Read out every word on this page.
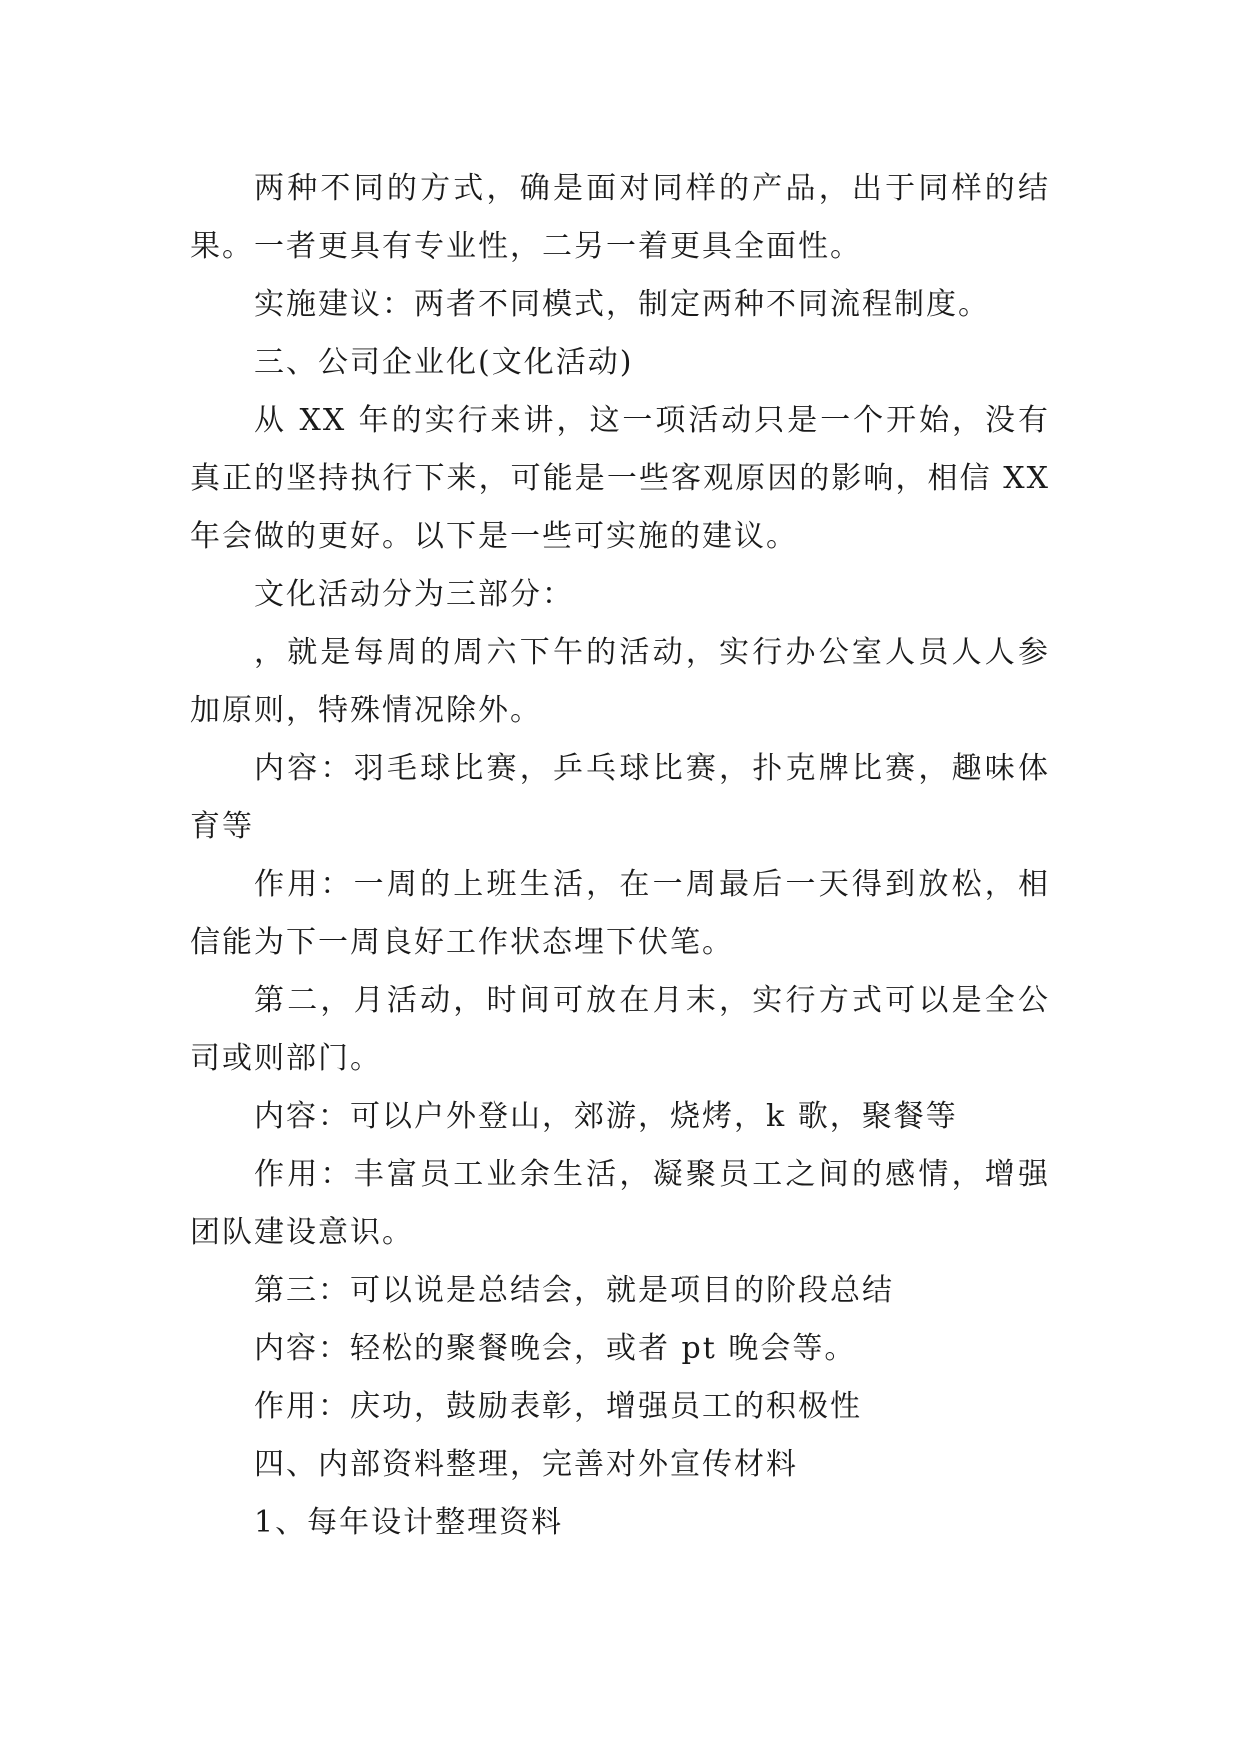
两种不同的方式，确是面对同样的产品，出于同样的结果。一者更具有专业性，二另一着更具全面性。

实施建议：两者不同模式，制定两种不同流程制度。

三、公司企业化(文化活动)

从 XX 年的实行来讲，这一项活动只是一个开始，没有真正的坚持执行下来，可能是一些客观原因的影响，相信 XX 年会做的更好。以下是一些可实施的建议。

文化活动分为三部分：

，就是每周的周六下午的活动，实行办公室人员人人参加原则，特殊情况除外。

内容：羽毛球比赛，乒乓球比赛，扑克牌比赛，趣味体育等

作用：一周的上班生活，在一周最后一天得到放松，相信能为下一周良好工作状态埋下伏笔。

第二，月活动，时间可放在月末，实行方式可以是全公司或则部门。

内容：可以户外登山，郊游，烧烤，k 歌，聚餐等

作用：丰富员工业余生活，凝聚员工之间的感情，增强团队建设意识。

第三：可以说是总结会，就是项目的阶段总结

内容：轻松的聚餐晚会，或者 pt 晚会等。

作用：庆功，鼓励表彰，增强员工的积极性

四、内部资料整理，完善对外宣传材料

1、每年设计整理资料
